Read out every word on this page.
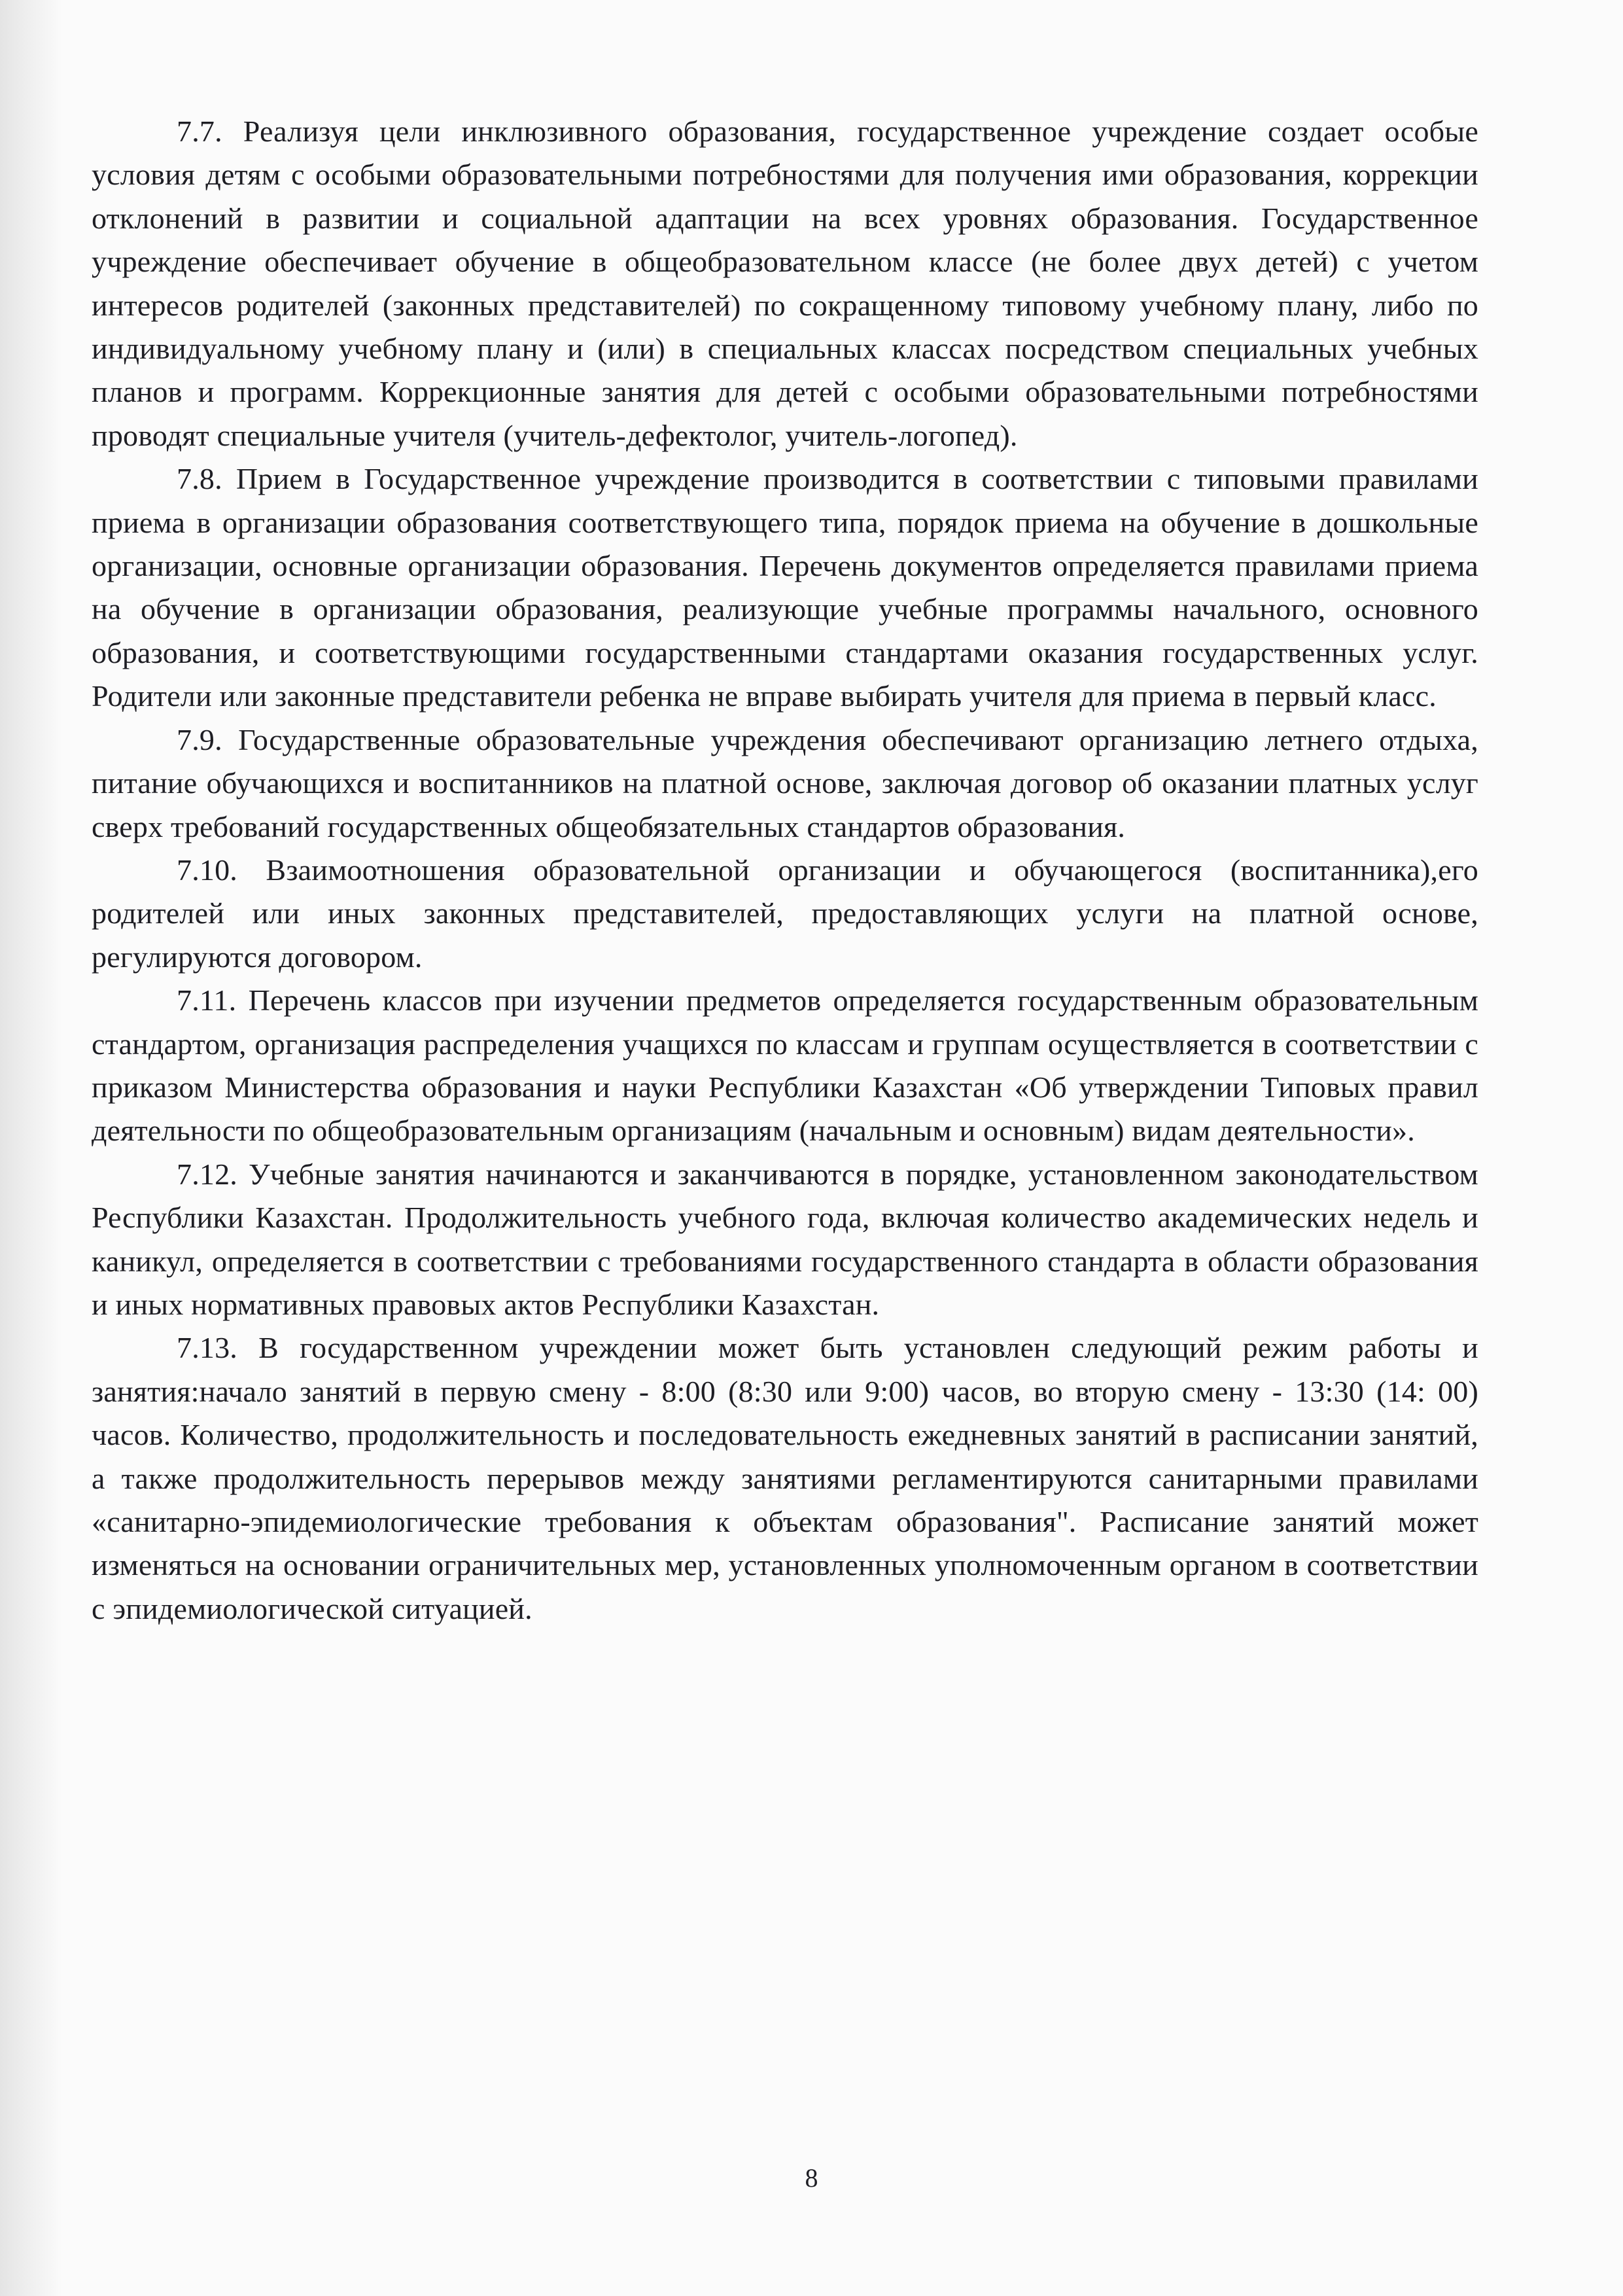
7.7. Реализуя цели инклюзивного образования, государственное учреждение создает особые условия детям с особыми образовательными потребностями для получения ими образования, коррекции отклонений в развитии и социальной адаптации на всех уровнях образования. Государственное учреждение обеспечивает обучение в общеобразовательном классе (не более двух детей) с учетом интересов родителей (законных представителей) по сокращенному типовому учебному плану, либо по индивидуальному учебному плану и (или) в специальных классах посредством специальных учебных планов и программ. Коррекционные занятия для детей с особыми образовательными потребностями проводят специальные учителя (учитель-дефектолог, учитель-логопед).

7.8. Прием в Государственное учреждение производится в соответствии с типовыми правилами приема в организации образования соответствующего типа, порядок приема на обучение в дошкольные организации, основные организации образования. Перечень документов определяется правилами приема на обучение в организации образования, реализующие учебные программы начального, основного образования, и соответствующими государственными стандартами оказания государственных услуг. Родители или законные представители ребенка не вправе выбирать учителя для приема в первый класс.

7.9. Государственные образовательные учреждения обеспечивают организацию летнего отдыха, питание обучающихся и воспитанников на платной основе, заключая договор об оказании платных услуг сверх требований государственных общеобязательных стандартов образования.

7.10. Взаимоотношения образовательной организации и обучающегося (воспитанника),его родителей или иных законных представителей, предоставляющих услуги на платной основе, регулируются договором.

7.11. Перечень классов при изучении предметов определяется государственным образовательным стандартом, организация распределения учащихся по классам и группам осуществляется в соответствии с приказом Министерства образования и науки Республики Казахстан «Об утверждении Типовых правил деятельности по общеобразовательным организациям (начальным и основным) видам деятельности».

7.12. Учебные занятия начинаются и заканчиваются в порядке, установленном законодательством Республики Казахстан. Продолжительность учебного года, включая количество академических недель и каникул, определяется в соответствии с требованиями государственного стандарта в области образования и иных нормативных правовых актов Республики Казахстан.

7.13. В государственном учреждении может быть установлен следующий режим работы и занятия:начало занятий в первую смену - 8:00 (8:30 или 9:00) часов, во вторую смену - 13:30 (14: 00) часов. Количество, продолжительность и последовательность ежедневных занятий в расписании занятий, а также продолжительность перерывов между занятиями регламентируются санитарными правилами «санитарно-эпидемиологические требования к объектам образования". Расписание занятий может изменяться на основании ограничительных мер, установленных уполномоченным органом в соответствии с эпидемиологической ситуацией.

8
